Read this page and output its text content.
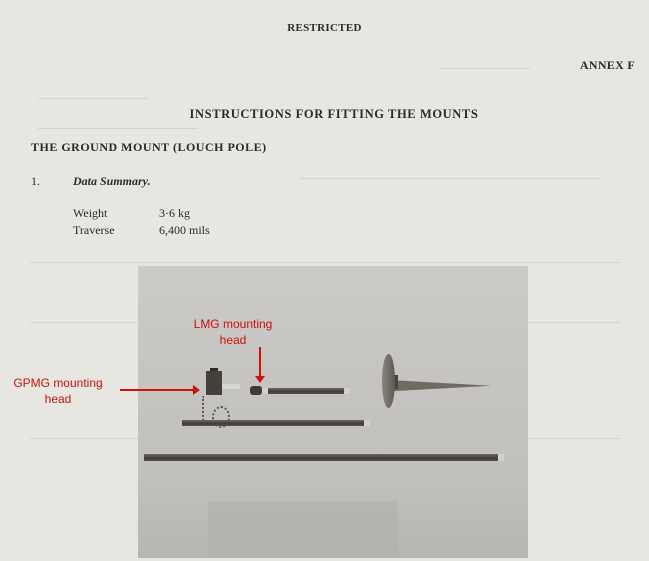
RESTRICTED
ANNEX F
INSTRUCTIONS FOR FITTING THE MOUNTS
THE GROUND MOUNT (LOUCH POLE)
1.	Data Summary.
Weight	3·6 kg
Traverse	6,400 mils
LMG mounting
head
GPMG mounting
head
